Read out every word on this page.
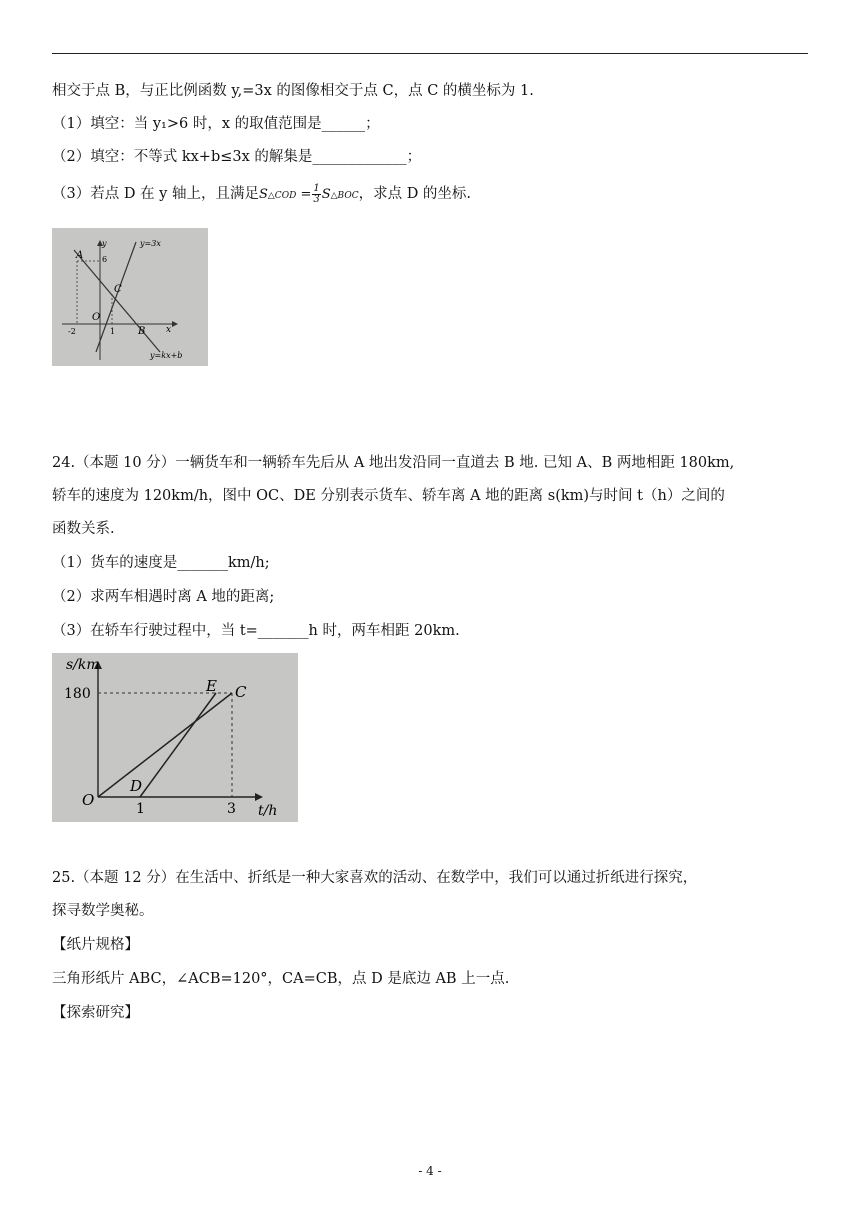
相交于点 B，与正比例函数 y,=3x 的图像相交于点 C，点 C 的横坐标为 1.
（1）填空：当 y₁>6 时，x 的取值范围是______；
（2）填空：不等式 kx+b≤3x 的解集是_____________；
（3）若点 D 在 y 轴上，且满足S△COD = $\frac{1}{3}$ S△BOC，求点 D 的坐标.
y	y=3x
A 6
C
O
-2	1 B x
y=kx+b
24.（本题 10 分）一辆货车和一辆轿车先后从 A 地出发沿同一直道去 B 地. 已知 A、B 两地相距 180km,
轿车的速度为 120km/h，图中 OC、DE 分别表示货车、轿车离 A 地的距离 s(km)与时间 t（h）之间的
函数关系.
（1）货车的速度是_______km/h;
（2）求两车相遇时离 A 地的距离;
（3）在轿车行驶过程中，当 t=_______h 时，两车相距 20km.
s/km
180	E C
D
O	1	3 t/h
25.（本题 12 分）在生活中、折纸是一种大家喜欢的活动、在数学中，我们可以通过折纸进行探究，
探寻数学奥秘。
【纸片规格】
三角形纸片 ABC，∠ACB=120°，CA=CB，点 D 是底边 AB 上一点.
【探索研究】
- 4 -
